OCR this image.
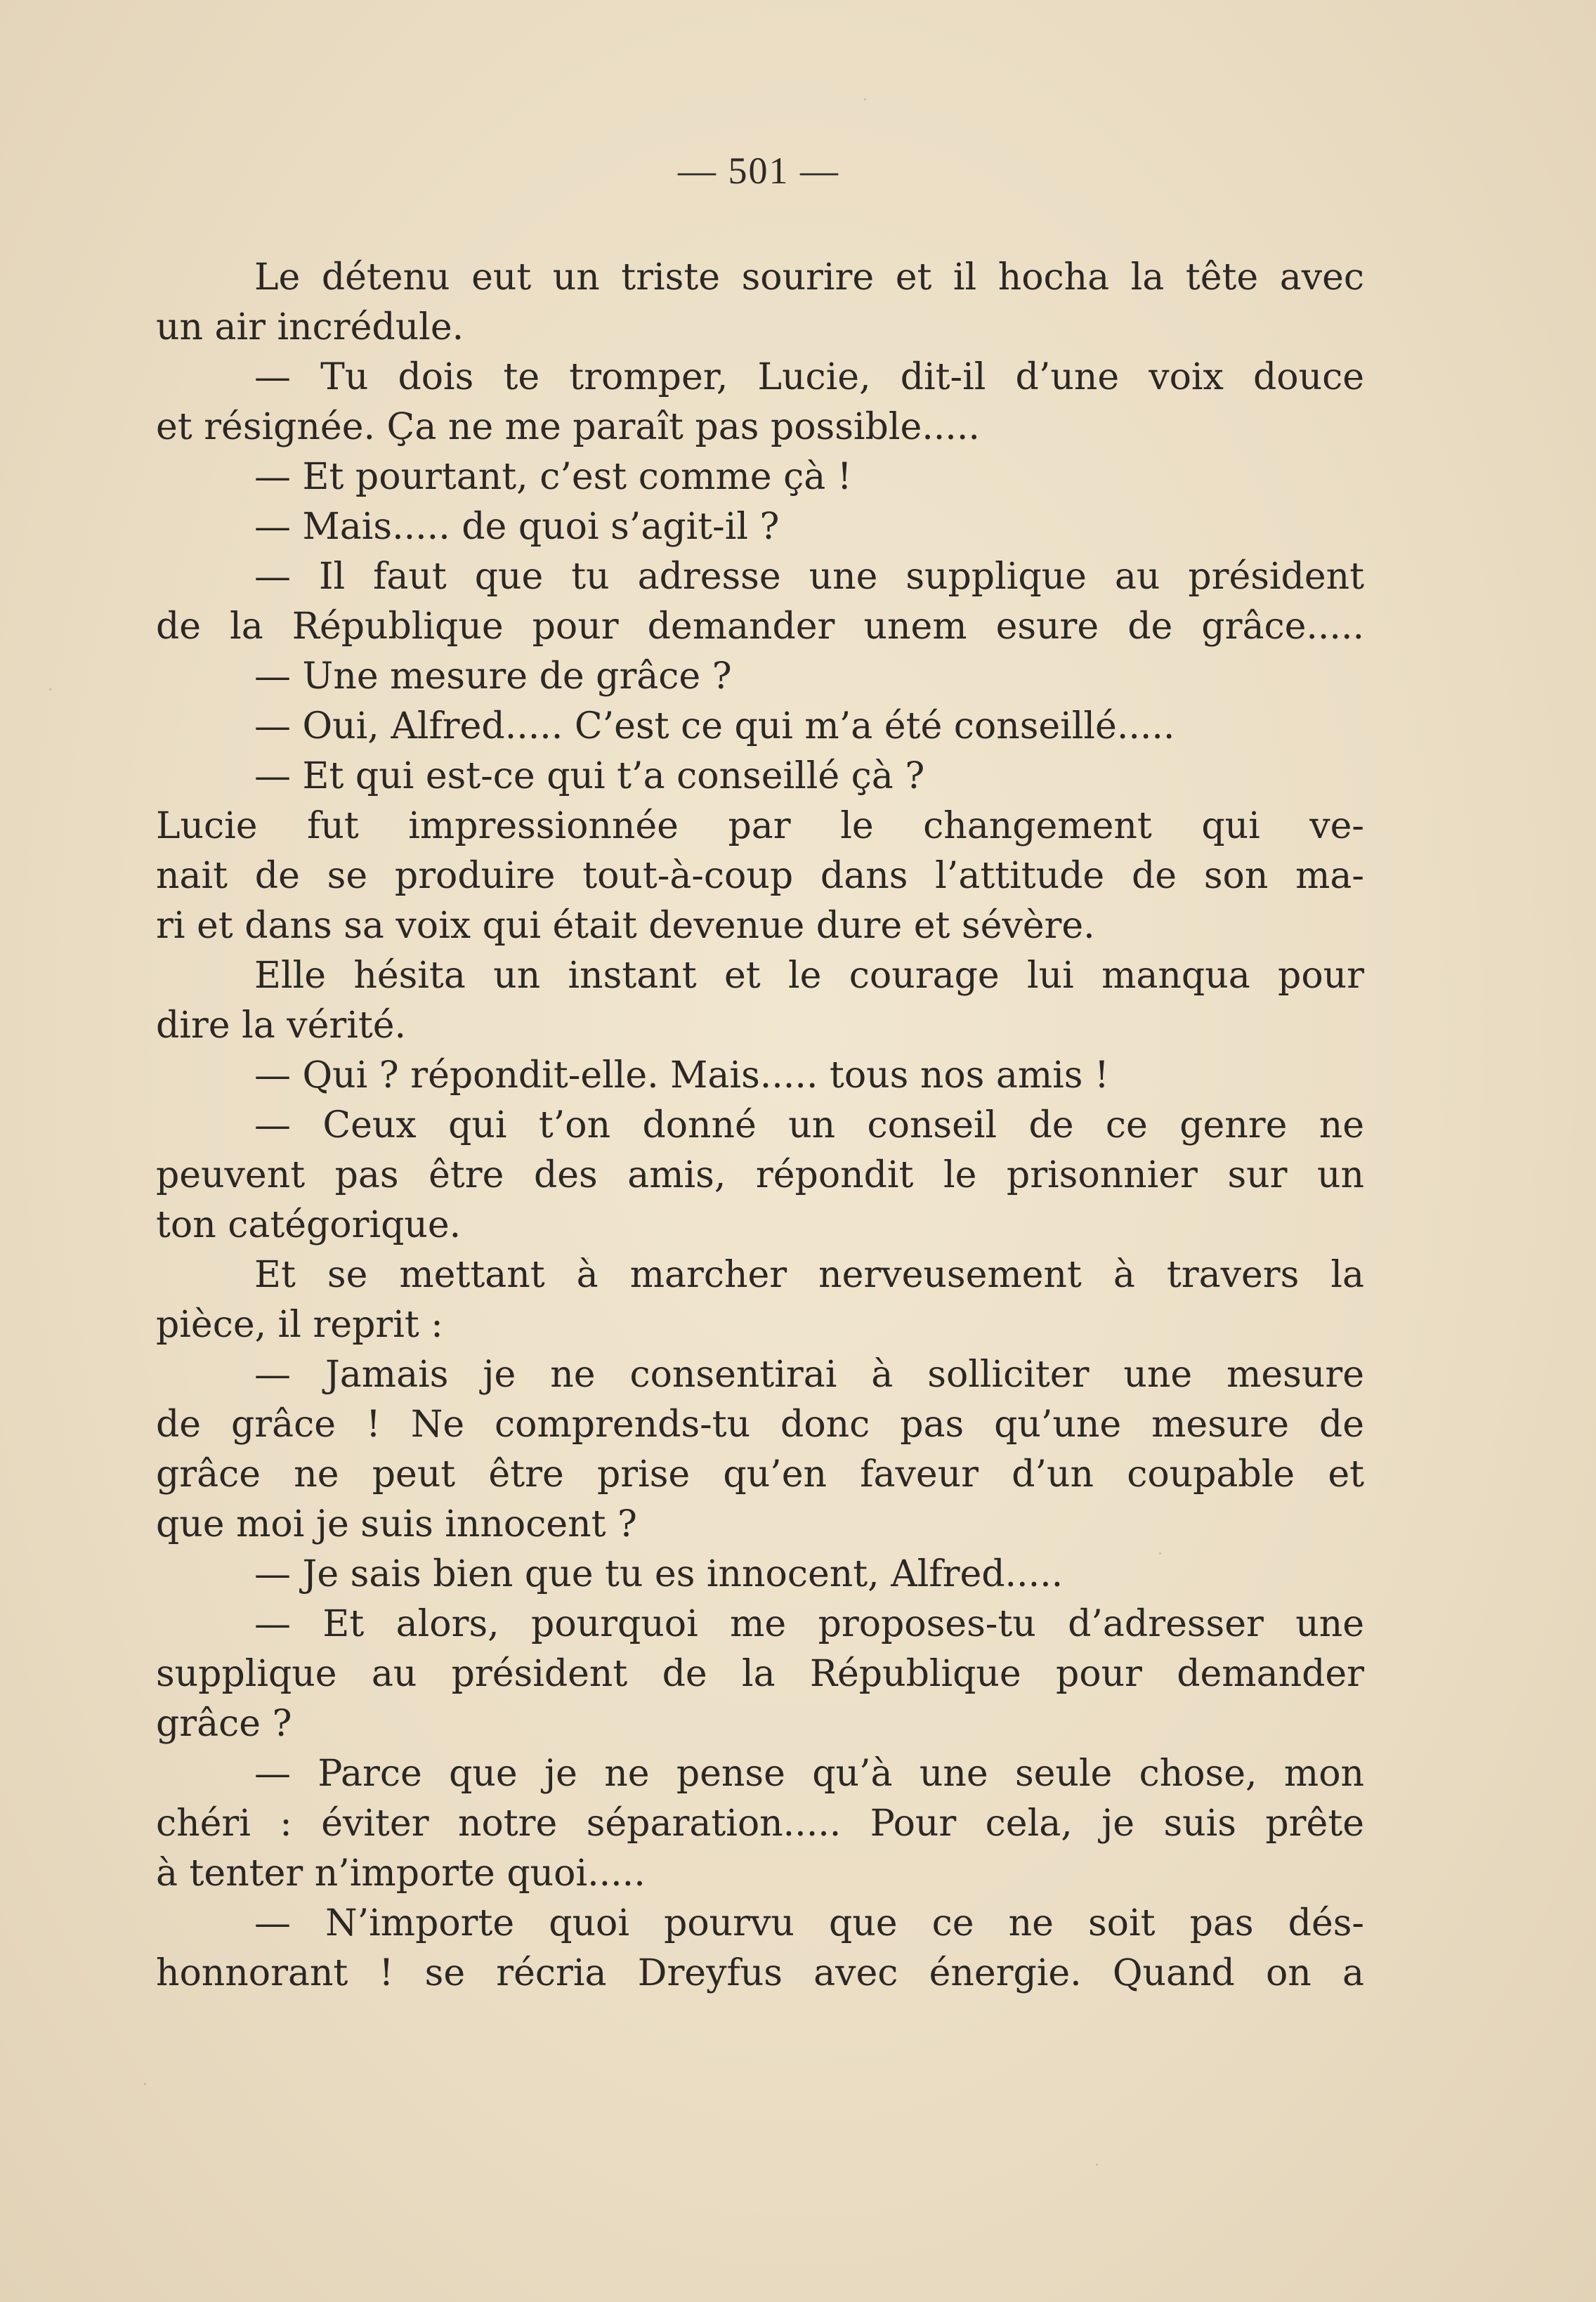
— 501 —
Le détenu eut un triste sourire et il hocha la tête avec
un air incrédule.
— Tu dois te tromper, Lucie, dit-il d’une voix douce
et résignée. Ça ne me paraît pas possible.....
— Et pourtant, c’est comme çà !
— Mais..... de quoi s’agit-il ?
— Il faut que tu adresse une supplique au président
de la République pour demander unem esure de grâce.....
— Une mesure de grâce ?
— Oui, Alfred..... C’est ce qui m’a été conseillé.....
— Et qui est-ce qui t’a conseillé çà ?
Lucie fut impressionnée par le changement qui ve-
nait de se produire tout-à-coup dans l’attitude de son ma-
ri et dans sa voix qui était devenue dure et sévère.
Elle hésita un instant et le courage lui manqua pour
dire la vérité.
— Qui ? répondit-elle. Mais..... tous nos amis !
— Ceux qui t’on donné un conseil de ce genre ne
peuvent pas être des amis, répondit le prisonnier sur un
ton catégorique.
Et se mettant à marcher nerveusement à travers la
pièce, il reprit :
— Jamais je ne consentirai à solliciter une mesure
de grâce ! Ne comprends-tu donc pas qu’une mesure de
grâce ne peut être prise qu’en faveur d’un coupable et
que moi je suis innocent ?
— Je sais bien que tu es innocent, Alfred.....
— Et alors, pourquoi me proposes-tu d’adresser une
supplique au président de la République pour demander
grâce ?
— Parce que je ne pense qu’à une seule chose, mon
chéri : éviter notre séparation..... Pour cela, je suis prête
à tenter n’importe quoi.....
— N’importe quoi pourvu que ce ne soit pas dés-
honnorant ! se récria Dreyfus avec énergie. Quand on a
